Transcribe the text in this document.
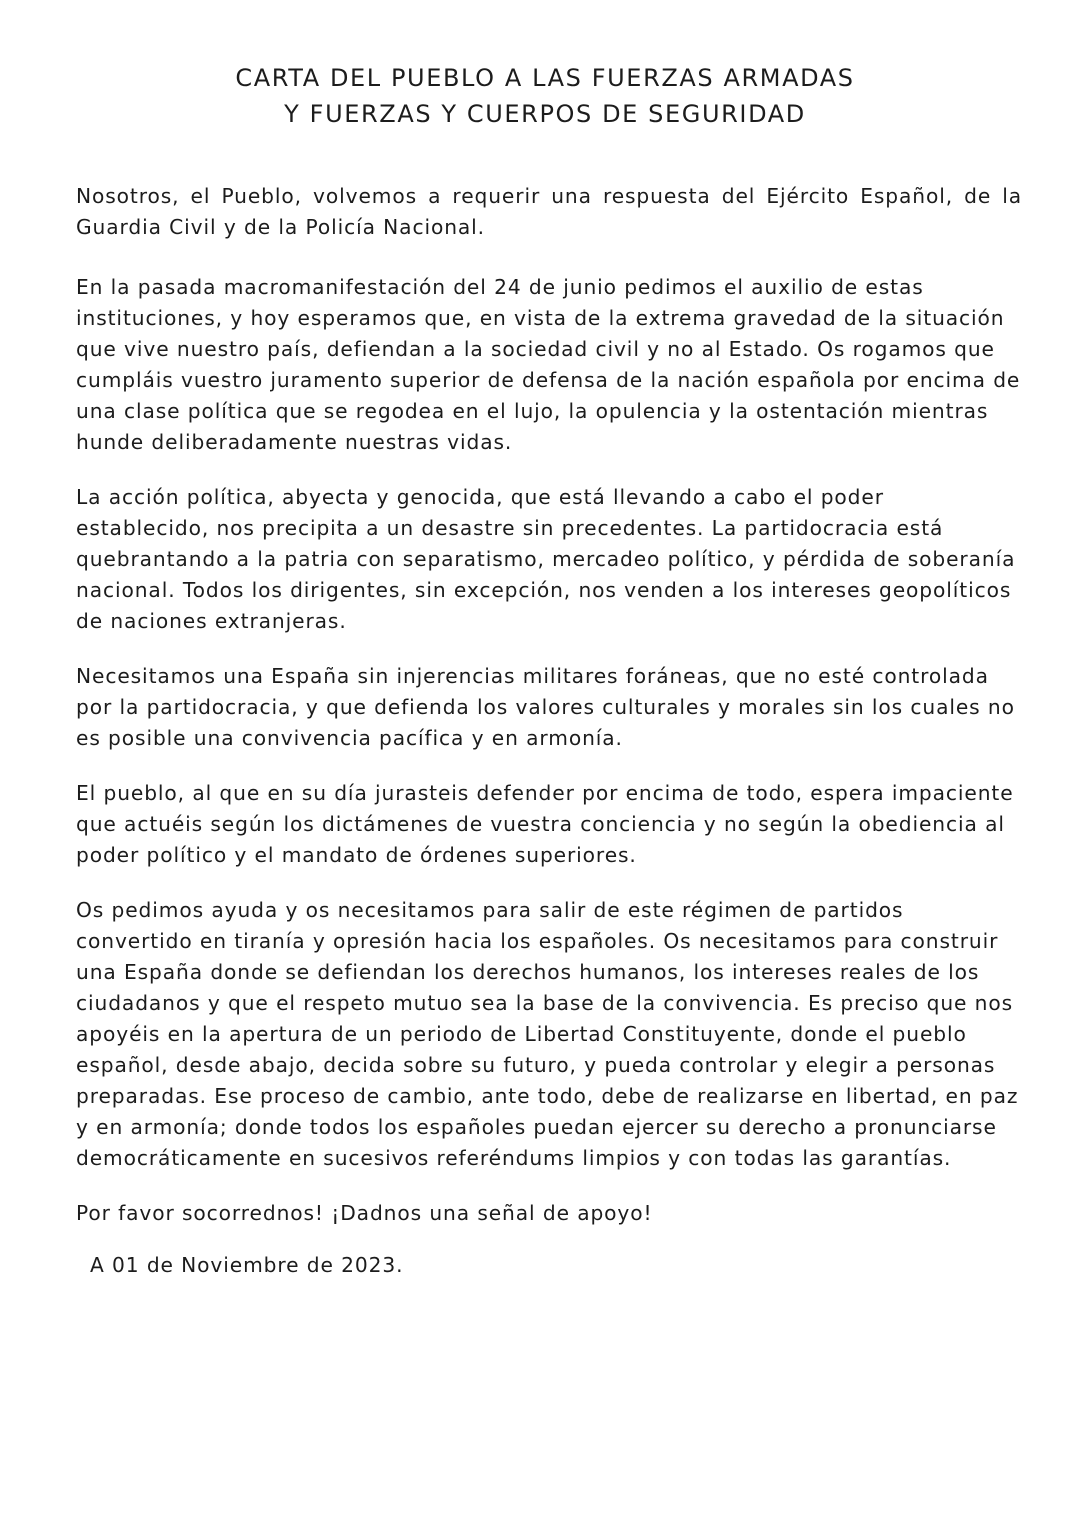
CARTA DEL PUEBLO A LAS FUERZAS ARMADAS
Y FUERZAS Y CUERPOS DE SEGURIDAD

Nosotros, el Pueblo, volvemos a requerir una respuesta del Ejército Español, de la Guardia Civil y de la Policía Nacional.

En la pasada macromanifestación del 24 de junio pedimos el auxilio de estas instituciones, y hoy esperamos que, en vista de la extrema gravedad de la situación que vive nuestro país, defiendan a la sociedad civil y no al Estado. Os rogamos que cumpláis vuestro juramento superior de defensa de la nación española por encima de una clase política que se regodea en el lujo, la opulencia y la ostentación mientras hunde deliberadamente nuestras vidas.

La acción política, abyecta y genocida, que está llevando a cabo el poder establecido, nos precipita a un desastre sin precedentes. La partidocracia está quebrantando a la patria con separatismo, mercadeo político, y pérdida de soberanía nacional. Todos los dirigentes, sin excepción, nos venden a los intereses geopolíticos de naciones extranjeras.

Necesitamos una España sin injerencias militares foráneas, que no esté controlada por la partidocracia, y que defienda los valores culturales y morales sin los cuales no es posible una convivencia pacífica y en armonía.

El pueblo, al que en su día jurasteis defender por encima de todo, espera impaciente que actuéis según los dictámenes de vuestra conciencia y no según la obediencia al poder político y el mandato de órdenes superiores.

Os pedimos ayuda y os necesitamos para salir de este régimen de partidos convertido en tiranía y opresión hacia los españoles. Os necesitamos para construir una España donde se defiendan los derechos humanos, los intereses reales de los ciudadanos y que el respeto mutuo sea la base de la convivencia. Es preciso que nos apoyéis en la apertura de un periodo de Libertad Constituyente, donde el pueblo español, desde abajo, decida sobre su futuro, y pueda controlar y elegir a personas preparadas. Ese proceso de cambio, ante todo, debe de realizarse en libertad, en paz y en armonía; donde todos los españoles puedan ejercer su derecho a pronunciarse democráticamente en sucesivos referéndums limpios y con todas las garantías.

Por favor socorrednos! ¡Dadnos una señal de apoyo!

A 01 de Noviembre de 2023.
